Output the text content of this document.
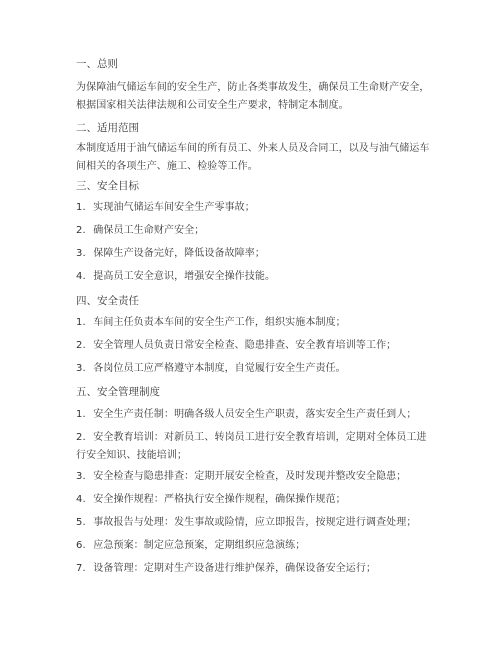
一、总则
为保障油气储运车间的安全生产，防止各类事故发生，确保员工生命财产安全，根据国家相关法律法规和公司安全生产要求，特制定本制度。
二、适用范围
本制度适用于油气储运车间的所有员工、外来人员及合同工，以及与油气储运车间相关的各项生产、施工、检验等工作。
三、安全目标
1. 实现油气储运车间安全生产零事故；
2. 确保员工生命财产安全；
3. 保障生产设备完好，降低设备故障率；
4. 提高员工安全意识，增强安全操作技能。
四、安全责任
1. 车间主任负责本车间的安全生产工作，组织实施本制度；
2. 安全管理人员负责日常安全检查、隐患排查、安全教育培训等工作；
3. 各岗位员工应严格遵守本制度，自觉履行安全生产责任。
五、安全管理制度
1. 安全生产责任制：明确各级人员安全生产职责，落实安全生产责任到人；
2. 安全教育培训：对新员工、转岗员工进行安全教育培训，定期对全体员工进行安全知识、技能培训；
3. 安全检查与隐患排查：定期开展安全检查，及时发现并整改安全隐患；
4. 安全操作规程：严格执行安全操作规程，确保操作规范；
5. 事故报告与处理：发生事故或险情，应立即报告，按规定进行调查处理；
6. 应急预案：制定应急预案，定期组织应急演练；
7. 设备管理：定期对生产设备进行维护保养，确保设备安全运行；
